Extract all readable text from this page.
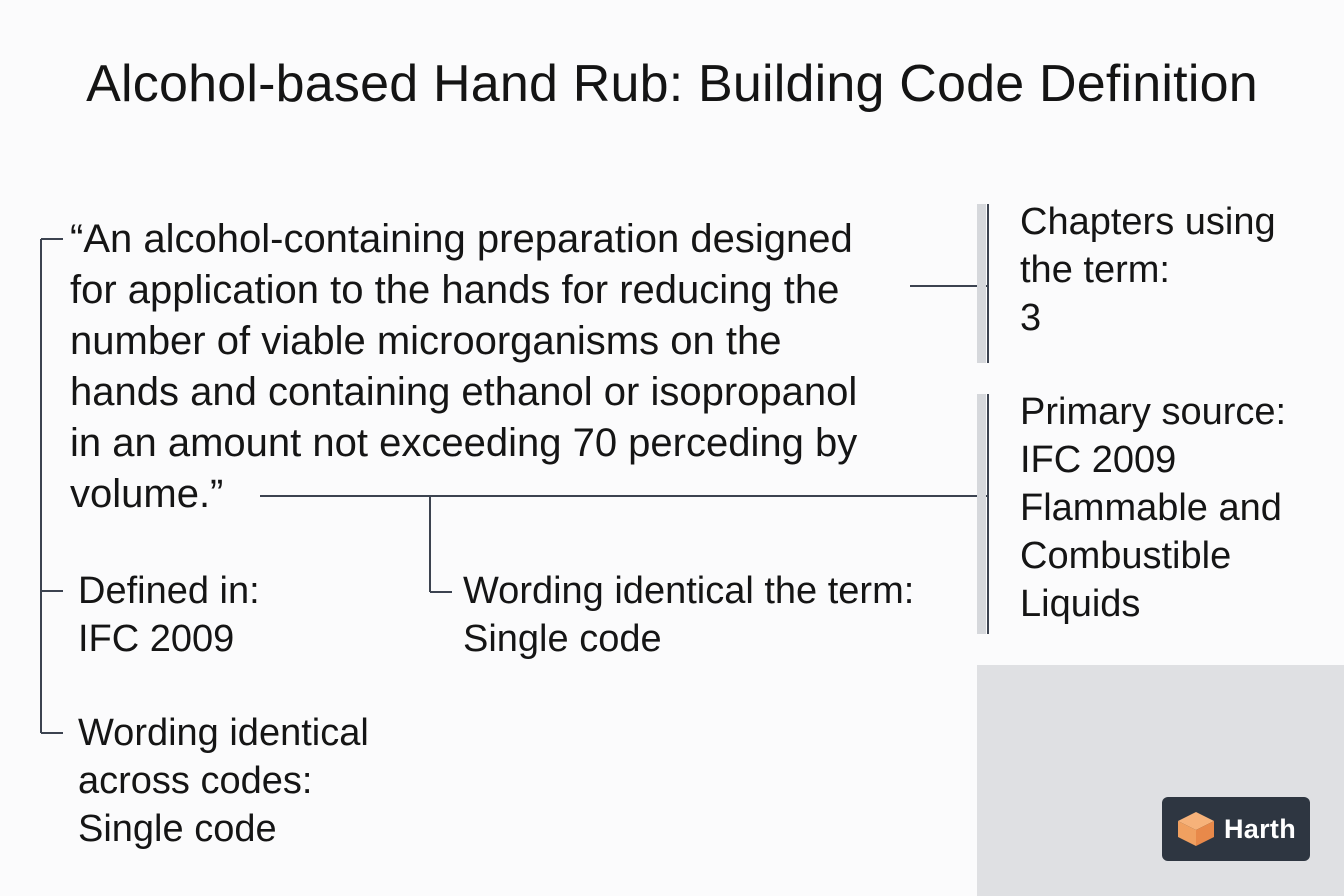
Alcohol-based Hand Rub: Building Code Definition
“An alcohol-containing preparation designed
for application to the hands for reducing the
number of viable microorganisms on the
hands and containing ethanol or isopropanol
in an amount not exceeding 70 perceding by
volume.”
Defined in:
IFC 2009
Wording identical
across codes:
Single code
Wording identical the term:
Single code
Chapters using
the term:
3
Primary source:
IFC 2009
Flammable and
Combustible
Liquids
Harth
